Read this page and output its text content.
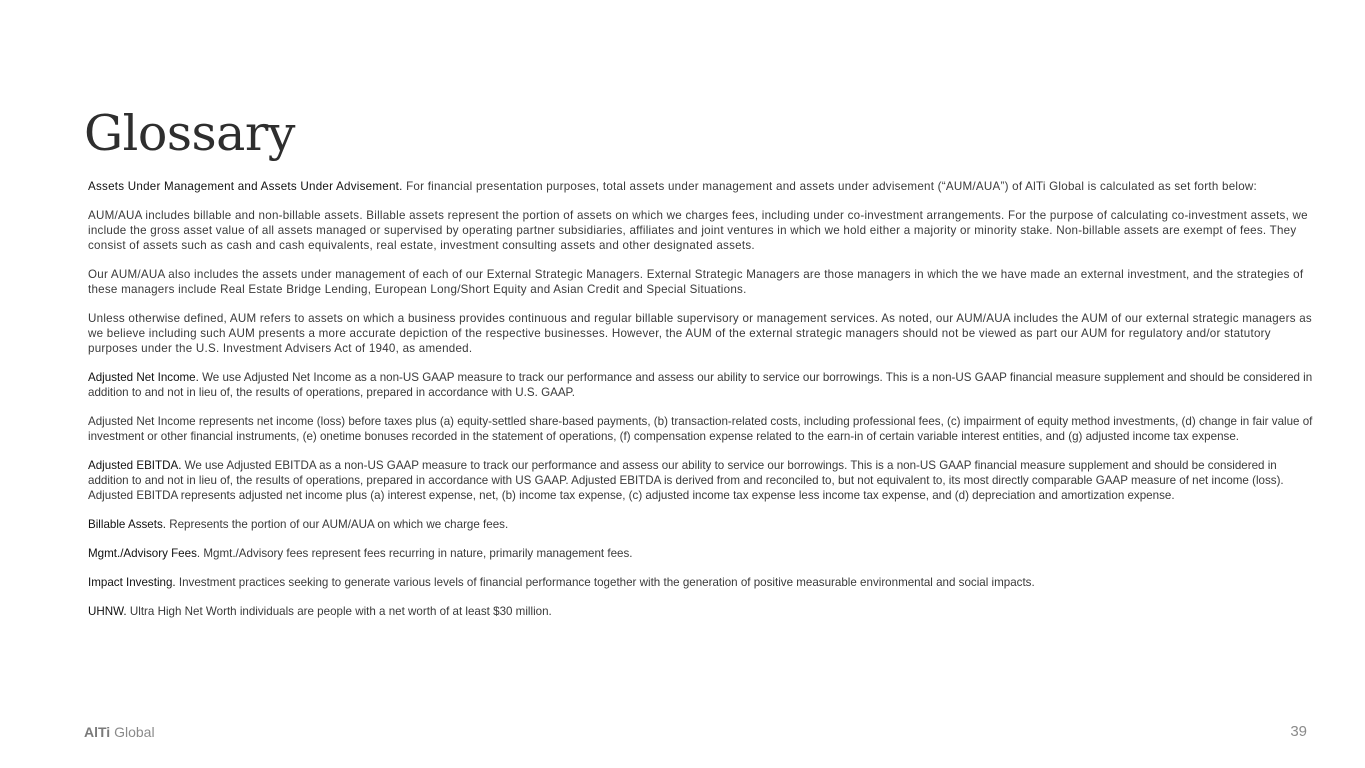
Glossary

Assets Under Management and Assets Under Advisement. For financial presentation purposes, total assets under management and assets under advisement (“AUM/AUA”) of AlTi Global is calculated as set forth below:

AUM/AUA includes billable and non-billable assets. Billable assets represent the portion of assets on which we charges fees, including under co-investment arrangements. For the purpose of calculating co-investment assets, we include the gross asset value of all assets managed or supervised by operating partner subsidiaries, affiliates and joint ventures in which we hold either a majority or minority stake. Non-billable assets are exempt of fees. They consist of assets such as cash and cash equivalents, real estate, investment consulting assets and other designated assets.

Our AUM/AUA also includes the assets under management of each of our External Strategic Managers. External Strategic Managers are those managers in which the we have made an external investment, and the strategies of these managers include Real Estate Bridge Lending, European Long/Short Equity and Asian Credit and Special Situations.

Unless otherwise defined, AUM refers to assets on which a business provides continuous and regular billable supervisory or management services. As noted, our AUM/AUA includes the AUM of our external strategic managers as we believe including such AUM presents a more accurate depiction of the respective businesses. However, the AUM of the external strategic managers should not be viewed as part our AUM for regulatory and/or statutory purposes under the U.S. Investment Advisers Act of 1940, as amended.

Adjusted Net Income. We use Adjusted Net Income as a non-US GAAP measure to track our performance and assess our ability to service our borrowings. This is a non-US GAAP financial measure supplement and should be considered in addition to and not in lieu of, the results of operations, prepared in accordance with U.S. GAAP.

Adjusted Net Income represents net income (loss) before taxes plus (a) equity-settled share-based payments, (b) transaction-related costs, including professional fees, (c) impairment of equity method investments, (d) change in fair value of investment or other financial instruments, (e) onetime bonuses recorded in the statement of operations, (f) compensation expense related to the earn-in of certain variable interest entities, and (g) adjusted income tax expense.

Adjusted EBITDA. We use Adjusted EBITDA as a non-US GAAP measure to track our performance and assess our ability to service our borrowings. This is a non-US GAAP financial measure supplement and should be considered in addition to and not in lieu of, the results of operations, prepared in accordance with US GAAP. Adjusted EBITDA is derived from and reconciled to, but not equivalent to, its most directly comparable GAAP measure of net income (loss). Adjusted EBITDA represents adjusted net income plus (a) interest expense, net, (b) income tax expense, (c) adjusted income tax expense less income tax expense, and (d) depreciation and amortization expense.

Billable Assets. Represents the portion of our AUM/AUA on which we charge fees.

Mgmt./Advisory Fees. Mgmt./Advisory fees represent fees recurring in nature, primarily management fees.

Impact Investing. Investment practices seeking to generate various levels of financial performance together with the generation of positive measurable environmental and social impacts.

UHNW. Ultra High Net Worth individuals are people with a net worth of at least $30 million.

AlTi Global	39
